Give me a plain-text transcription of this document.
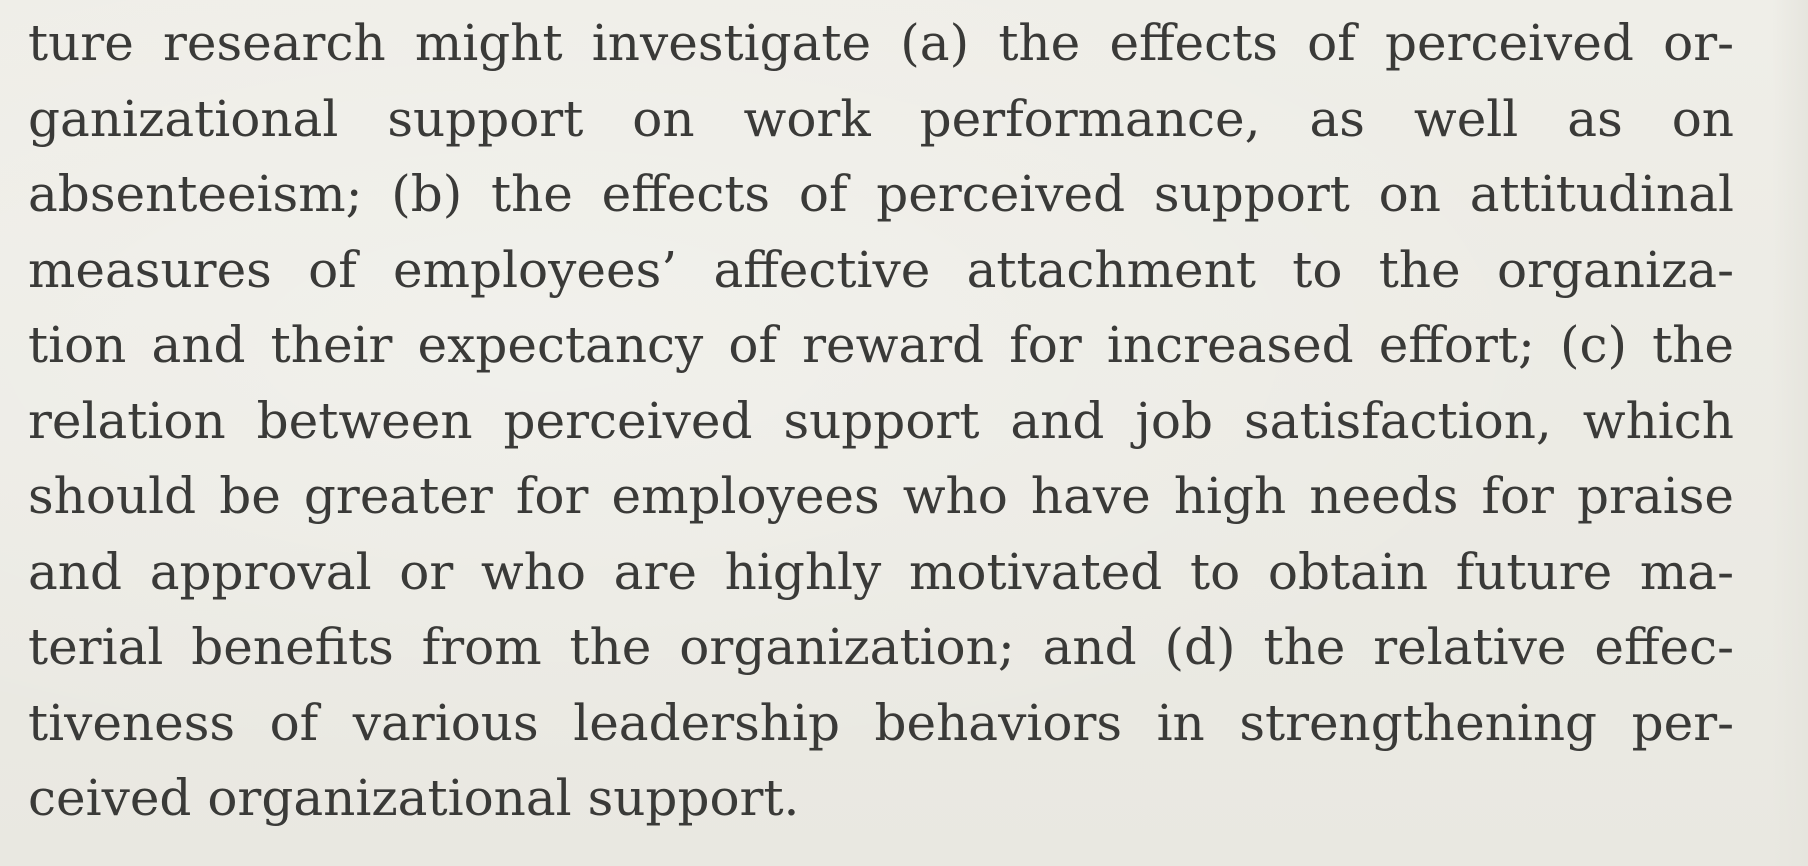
ture research might investigate (a) the effects of perceived or-
ganizational support on work performance, as well as on
absenteeism; (b) the effects of perceived support on attitudinal
measures of employees’ affective attachment to the organiza-
tion and their expectancy of reward for increased effort; (c) the
relation between perceived support and job satisfaction, which
should be greater for employees who have high needs for praise
and approval or who are highly motivated to obtain future ma-
terial benefits from the organization; and (d) the relative effec-
tiveness of various leadership behaviors in strengthening per-
ceived organizational support.
